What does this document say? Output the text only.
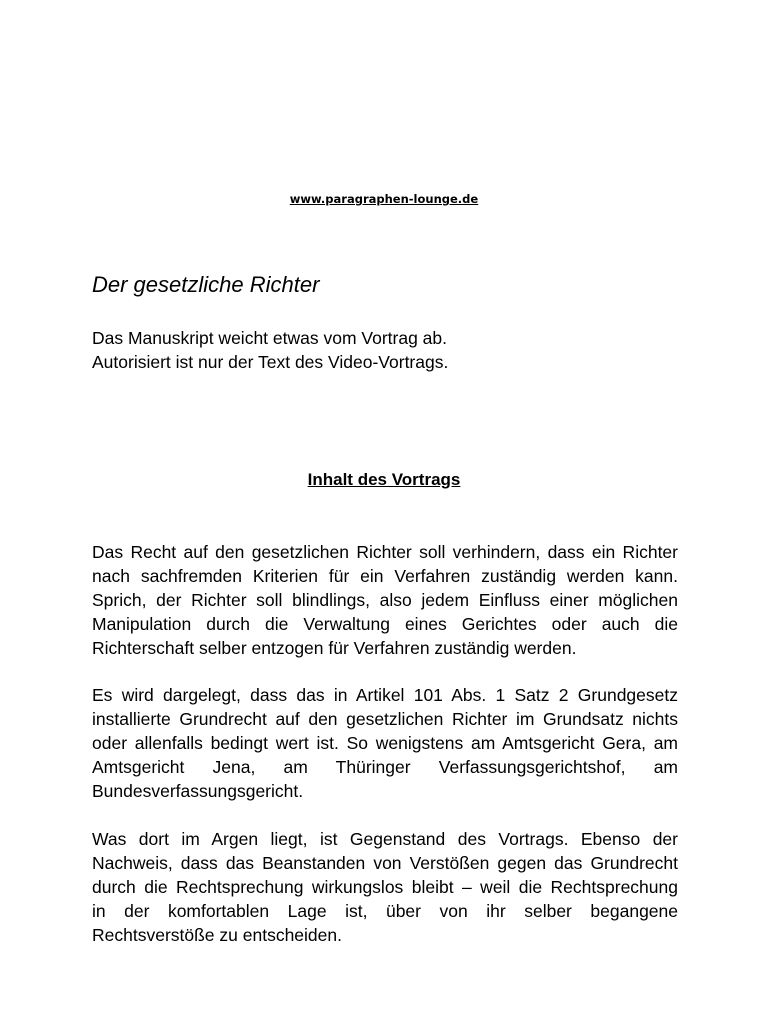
www.paragraphen-lounge.de
Der gesetzliche Richter

Das Manuskript weicht etwas vom Vortrag ab.
Autorisiert ist nur der Text des Video-Vortrags.

Inhalt des Vortrags

Das Recht auf den gesetzlichen Richter soll verhindern, dass ein Richter
nach sachfremden Kriterien für ein Verfahren zuständig werden kann.
Sprich, der Richter soll blindlings, also jedem Einfluss einer möglichen
Manipulation durch die Verwaltung eines Gerichtes oder auch die
Richterschaft selber entzogen für Verfahren zuständig werden.

Es wird dargelegt, dass das in Artikel 101 Abs. 1 Satz 2 Grundgesetz
installierte Grundrecht auf den gesetzlichen Richter im Grundsatz nichts
oder allenfalls bedingt wert ist. So wenigstens am Amtsgericht Gera, am
Amtsgericht Jena, am Thüringer Verfassungsgerichtshof, am
Bundesverfassungsgericht.

Was dort im Argen liegt, ist Gegenstand des Vortrags. Ebenso der
Nachweis, dass das Beanstanden von Verstößen gegen das Grundrecht
durch die Rechtsprechung wirkungslos bleibt – weil die Rechtsprechung
in der komfortablen Lage ist, über von ihr selber begangene
Rechtsverstöße zu entscheiden.
